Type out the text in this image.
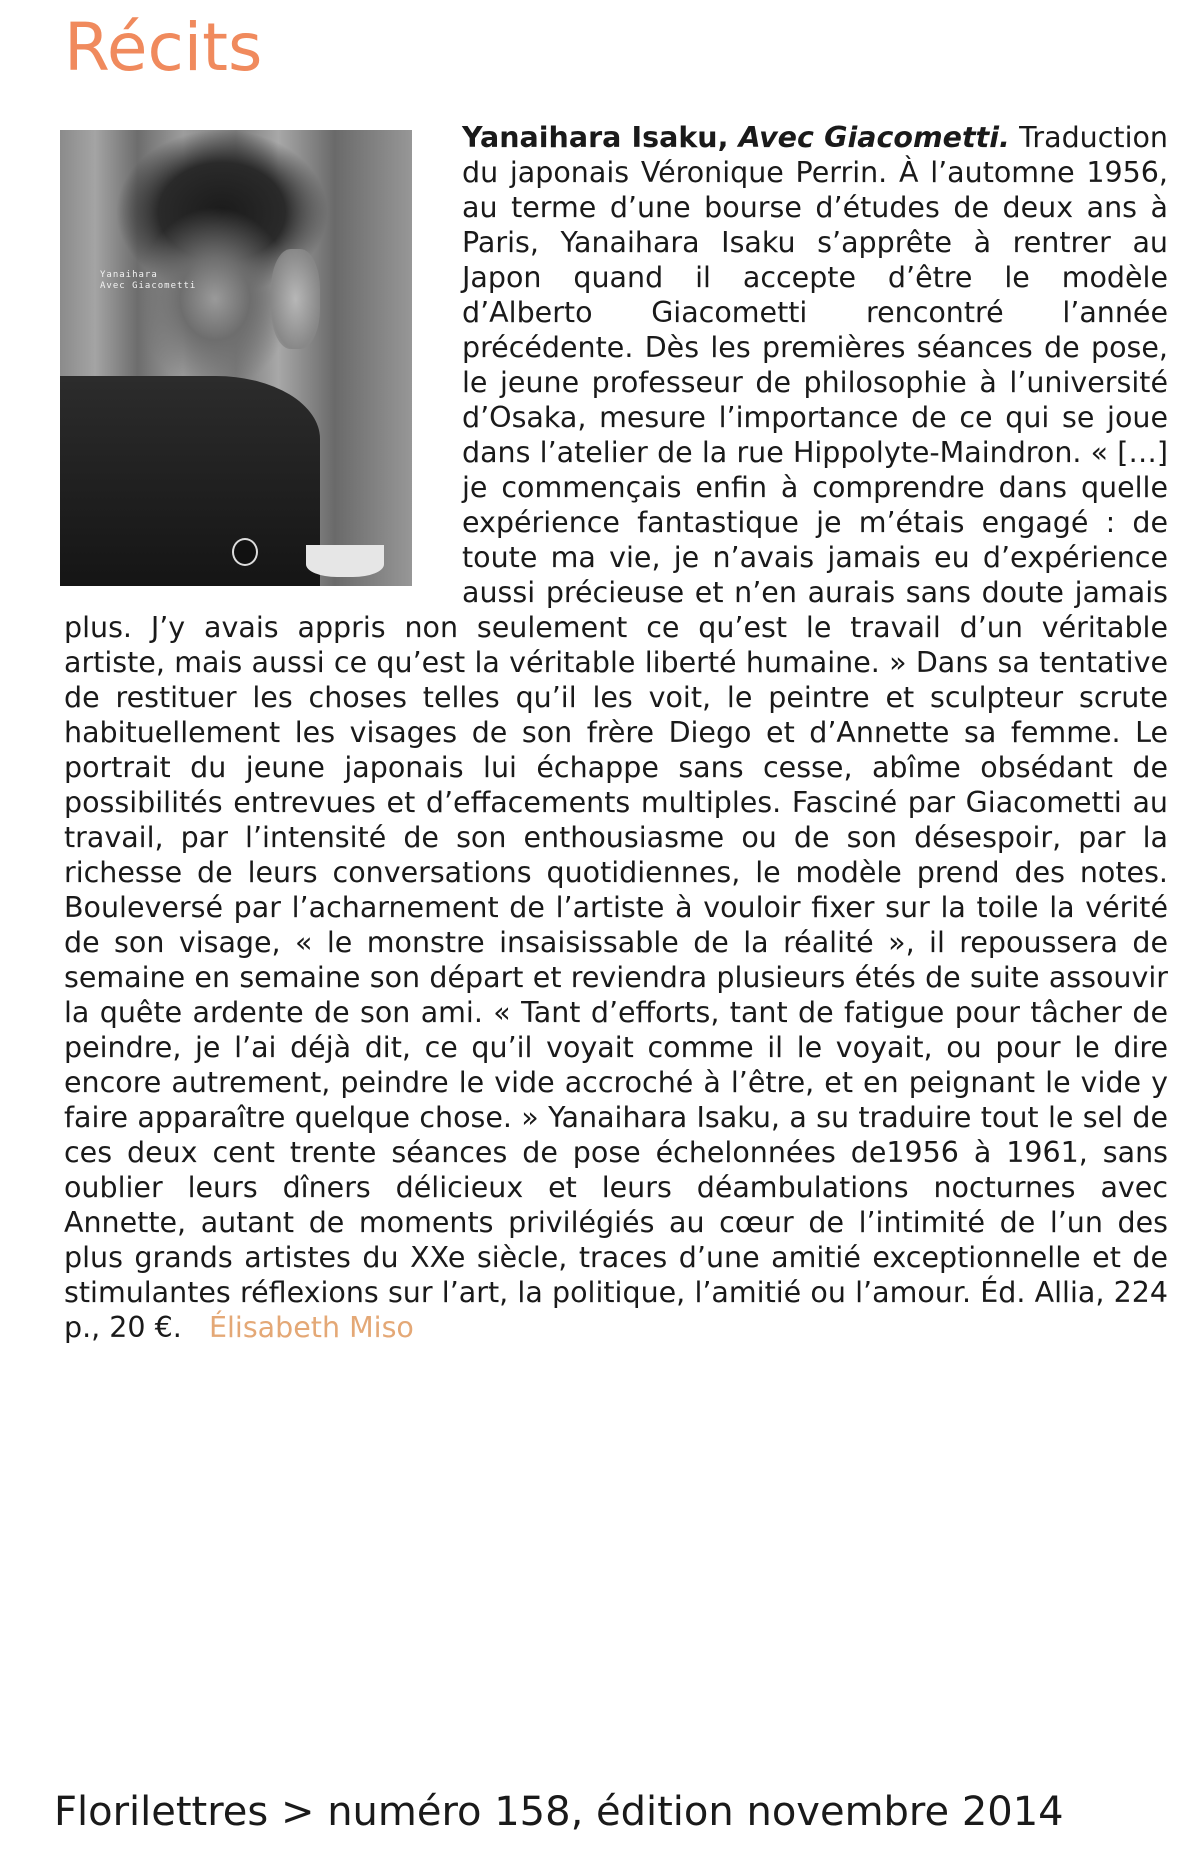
Récits
Yanaihara
Avec Giacometti

Yanaihara Isaku, Avec Giacometti. Traduction du japonais Véronique Perrin. À l’automne 1956, au terme d’une bourse d’études de deux ans à Paris, Yanaihara Isaku s’apprête à rentrer au Japon quand il accepte d’être le modèle d’Alberto Giacometti rencontré l’année précédente. Dès les premières séances de pose, le jeune professeur de philosophie à l’université d’Osaka, mesure l’importance de ce qui se joue dans l’atelier de la rue Hippolyte-Maindron. « […] je commençais enfin à comprendre dans quelle expérience fantastique je m’étais engagé : de toute ma vie, je n’avais jamais eu d’expérience aussi précieuse et n’en aurais sans doute jamais plus. J’y avais appris non seulement ce qu’est le travail d’un véritable artiste, mais aussi ce qu’est la véritable liberté humaine. » Dans sa tentative de restituer les choses telles qu’il les voit, le peintre et sculpteur scrute habituellement les visages de son frère Diego et d’Annette sa femme. Le portrait du jeune japonais lui échappe sans cesse, abîme obsédant de possibilités entrevues et d’effacements multiples. Fasciné par Giacometti au travail, par l’intensité de son enthousiasme ou de son désespoir, par la richesse de leurs conversations quotidiennes, le modèle prend des notes. Bouleversé par l’acharnement de l’artiste à vouloir fixer sur la toile la vérité de son visage, « le monstre insaisissable de la réalité », il repoussera de semaine en semaine son départ et reviendra plusieurs étés de suite assouvir la quête ardente de son ami. « Tant d’efforts, tant de fatigue pour tâcher de peindre, je l’ai déjà dit, ce qu’il voyait comme il le voyait, ou pour le dire encore autrement, peindre le vide accroché à l’être, et en peignant le vide y faire apparaître quelque chose. » Yanaihara Isaku, a su traduire tout le sel de ces deux cent trente séances de pose échelonnées de1956 à 1961, sans oublier leurs dîners délicieux et leurs déambulations nocturnes avec Annette, autant de moments privilégiés au cœur de l’intimité de l’un des plus grands artistes du XXe siècle, traces d’une amitié exceptionnelle et de stimulantes réflexions sur l’art, la politique, l’amitié ou l’amour. Éd. Allia, 224 p., 20 €. Élisabeth Miso

Florilettres > numéro 158, édition novembre 2014
